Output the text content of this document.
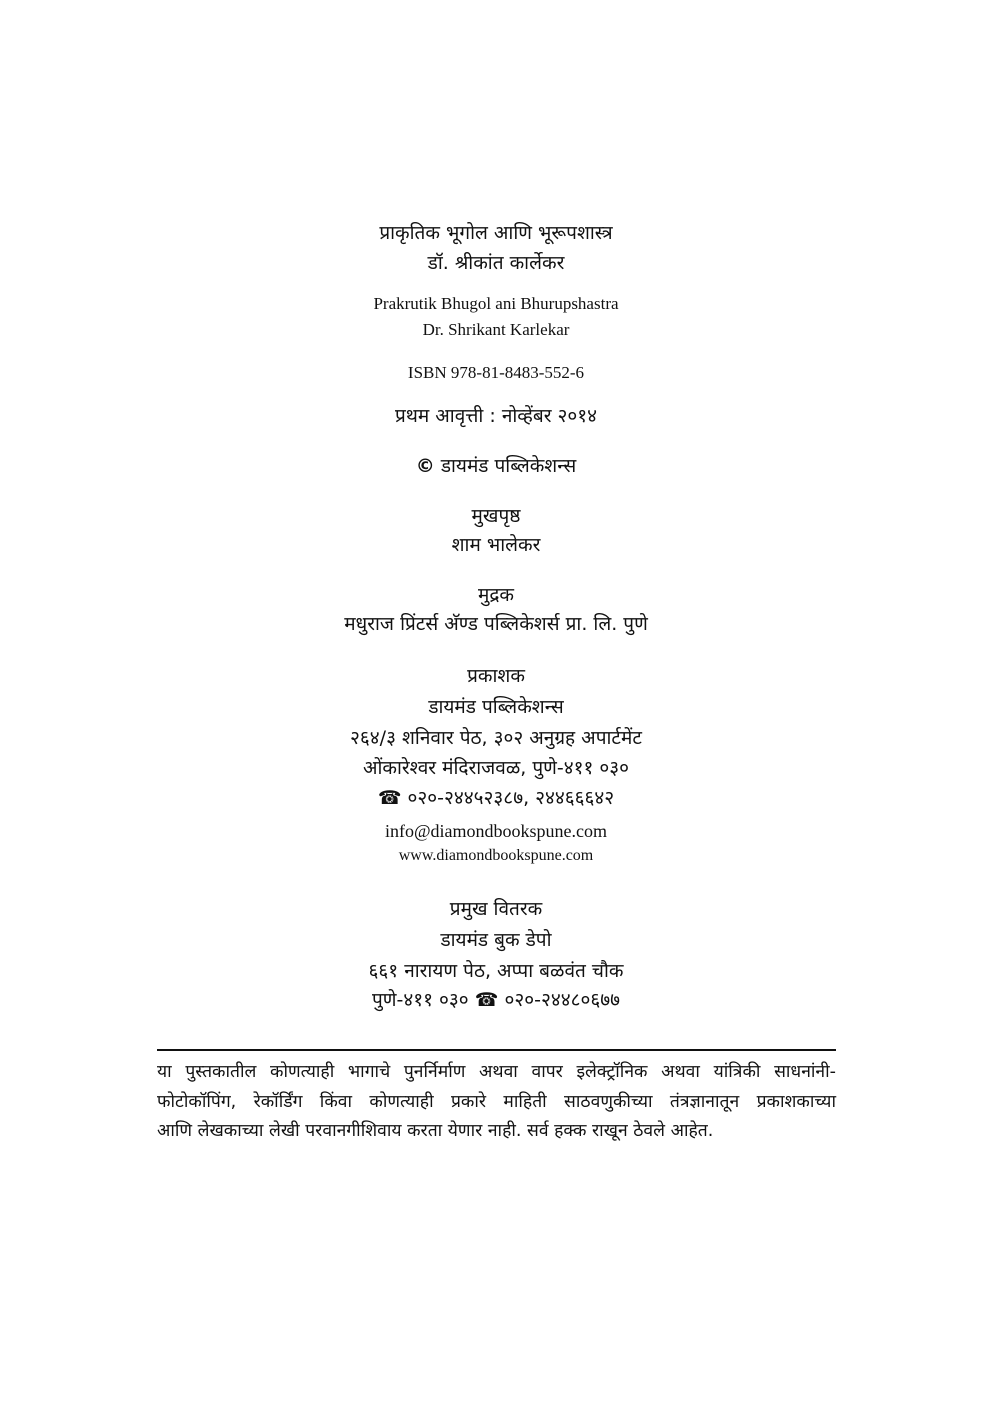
प्राकृतिक भूगोल आणि भूरूपशास्त्र
डॉ. श्रीकांत कार्लेकर
Prakrutik Bhugol ani Bhurupshastra
Dr. Shrikant Karlekar
ISBN 978-81-8483-552-6
प्रथम आवृत्ती : नोव्हेंबर २०१४
© डायमंड पब्लिकेशन्स
मुखपृष्ठ
शाम भालेकर
मुद्रक
मधुराज प्रिंटर्स अ‍ॅण्ड पब्लिकेशर्स प्रा. लि. पुणे
प्रकाशक
डायमंड पब्लिकेशन्स
२६४/३ शनिवार पेठ, ३०२ अनुग्रह अपार्टमेंट
ओंकारेश्वर मंदिराजवळ, पुणे-४११ ०३०
☎ ०२०-२४४५२३८७, २४४६६६४२
info@diamondbookspune.com
www.diamondbookspune.com
प्रमुख वितरक
डायमंड बुक डेपो
६६१ नारायण पेठ, अप्पा बळवंत चौक
पुणे-४११ ०३० ☎ ०२०-२४४८०६७७
या पुस्तकातील कोणत्याही भागाचे पुनर्निर्माण अथवा वापर इलेक्ट्रॉनिक अथवा यांत्रिकी साधनांनी-
फोटोकॉपिंग, रेकॉर्डिंग किंवा कोणत्याही प्रकारे माहिती साठवणुकीच्या तंत्रज्ञानातून प्रकाशकाच्या
आणि लेखकाच्या लेखी परवानगीशिवाय करता येणार नाही. सर्व हक्क राखून ठेवले आहेत.
